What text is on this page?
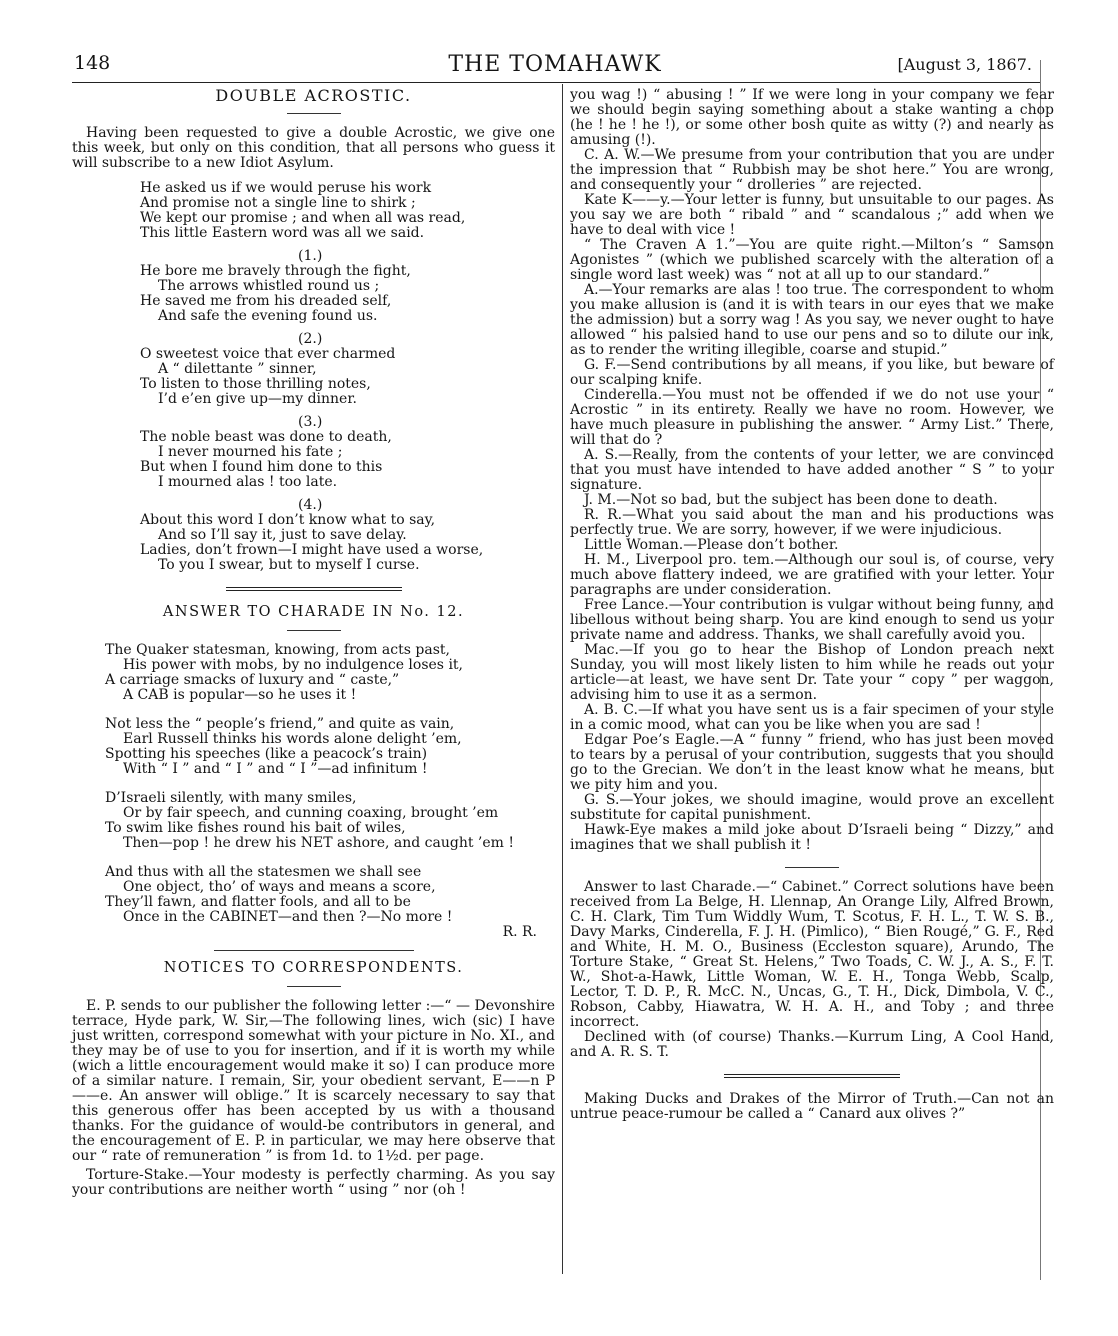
148	THE TOMAHAWK	[August 3, 1867.

DOUBLE ACROSTIC.

Having been requested to give a double Acrostic, we give one this week, but only on this condition, that all persons who guess it will subscribe to a new Idiot Asylum.

He asked us if we would peruse his work
And promise not a single line to shirk ;
We kept our promise ; and when all was read,
This little Eastern word was all we said.
(1.)
He bore me bravely through the fight,
The arrows whistled round us ;
He saved me from his dreaded self,
And safe the evening found us.
(2.)
O sweetest voice that ever charmed
A “ dilettante ” sinner,
To listen to those thrilling notes,
I’d e’en give up—my dinner.
(3.)
The noble beast was done to death,
I never mourned his fate ;
But when I found him done to this
I mourned alas ! too late.
(4.)
About this word I don’t know what to say,
And so I’ll say it, just to save delay.
Ladies, don’t frown—I might have used a worse,
To you I swear, but to myself I curse.

ANSWER TO CHARADE IN No. 12.

The Quaker statesman, knowing, from acts past,
His power with mobs, by no indulgence loses it,
A carriage smacks of luxury and “ caste,”
A CAB is popular—so he uses it !
Not less the “ people’s friend,” and quite as vain,
Earl Russell thinks his words alone delight ’em,
Spotting his speeches (like a peacock’s train)
With “ I ” and “ I ” and “ I ”—ad infinitum !
D’Israeli silently, with many smiles,
Or by fair speech, and cunning coaxing, brought ’em
To swim like fishes round his bait of wiles,
Then—pop ! he drew his NET ashore, and caught ’em !
And thus with all the statesmen we shall see
One object, tho’ of ways and means a score,
They’ll fawn, and flatter fools, and all to be
Once in the CABINET—and then ?—No more !
R. R.

NOTICES TO CORRESPONDENTS.

E. P. sends to our publisher the following letter :—“ — Devonshire terrace, Hyde park, W. Sir,—The following lines, wich (sic) I have just written, correspond somewhat with your picture in No. XI., and they may be of use to you for insertion, and if it is worth my while (wich a little encouragement would make it so) I can produce more of a similar nature. I remain, Sir, your obedient servant, E——n P——e. An answer will oblige.” It is scarcely necessary to say that this generous offer has been accepted by us with a thousand thanks. For the guidance of would-be contributors in general, and the encouragement of E. P. in particular, we may here observe that our “ rate of remuneration ” is from 1d. to 1½d. per page.

Torture-Stake.—Your modesty is perfectly charming. As you say your contributions are neither worth “ using ” nor (oh !

you wag !) “ abusing ! ” If we were long in your company we fear we should begin saying something about a stake wanting a chop (he ! he ! he !), or some other bosh quite as witty (?) and nearly as amusing (!).

C. A. W.—We presume from your contribution that you are under the impression that “ Rubbish may be shot here.” You are wrong, and consequently your “ drolleries ” are rejected.

Kate K——y.—Your letter is funny, but unsuitable to our pages. As you say we are both “ ribald ” and “ scandalous ;” add when we have to deal with vice !

“ The Craven A 1.”—You are quite right.—Milton’s “ Samson Agonistes ” (which we published scarcely with the alteration of a single word last week) was “ not at all up to our standard.”

A.—Your remarks are alas ! too true. The correspondent to whom you make allusion is (and it is with tears in our eyes that we make the admission) but a sorry wag ! As you say, we never ought to have allowed “ his palsied hand to use our pens and so to dilute our ink, as to render the writing illegible, coarse and stupid.”

G. F.—Send contributions by all means, if you like, but beware of our scalping knife.

Cinderella.—You must not be offended if we do not use your “ Acrostic ” in its entirety. Really we have no room. However, we have much pleasure in publishing the answer. “ Army List.” There, will that do ?

A. S.—Really, from the contents of your letter, we are convinced that you must have intended to have added another “ S ” to your signature.

J. M.—Not so bad, but the subject has been done to death.

R. R.—What you said about the man and his productions was perfectly true. We are sorry, however, if we were injudicious.

Little Woman.—Please don’t bother.

H. M., Liverpool pro. tem.—Although our soul is, of course, very much above flattery indeed, we are gratified with your letter. Your paragraphs are under consideration.

Free Lance.—Your contribution is vulgar without being funny, and libellous without being sharp. You are kind enough to send us your private name and address. Thanks, we shall carefully avoid you.

Mac.—If you go to hear the Bishop of London preach next Sunday, you will most likely listen to him while he reads out your article—at least, we have sent Dr. Tate your “ copy ” per waggon, advising him to use it as a sermon.

A. B. C.—If what you have sent us is a fair specimen of your style in a comic mood, what can you be like when you are sad !

Edgar Poe’s Eagle.—A “ funny ” friend, who has just been moved to tears by a perusal of your contribution, suggests that you should go to the Grecian. We don’t in the least know what he means, but we pity him and you.

G. S.—Your jokes, we should imagine, would prove an excellent substitute for capital punishment.

Hawk-Eye makes a mild joke about D’Israeli being “ Dizzy,” and imagines that we shall publish it !

Answer to last Charade.—“ Cabinet.” Correct solutions have been received from La Belge, H. Llennap, An Orange Lily, Alfred Brown, C. H. Clark, Tim Tum Widdly Wum, T. Scotus, F. H. L., T. W. S. B., Davy Marks, Cinderella, F. J. H. (Pimlico), “ Bien Rougé,” G. F., Red and White, H. M. O., Business (Eccleston square), Arundo, The Torture Stake, “ Great St. Helens,” Two Toads, C. W. J., A. S., F. T. W., Shot-a-Hawk, Little Woman, W. E. H., Tonga Webb, Scalp, Lector, T. D. P., R. McC. N., Uncas, G., T. H., Dick, Dimbola, V. C., Robson, Cabby, Hiawatra, W. H. A. H., and Toby ; and three incorrect.

Declined with (of course) Thanks.—Kurrum Ling, A Cool Hand, and A. R. S. T.

Making Ducks and Drakes of the Mirror of Truth.—Can not an untrue peace-rumour be called a “ Canard aux olives ?”
